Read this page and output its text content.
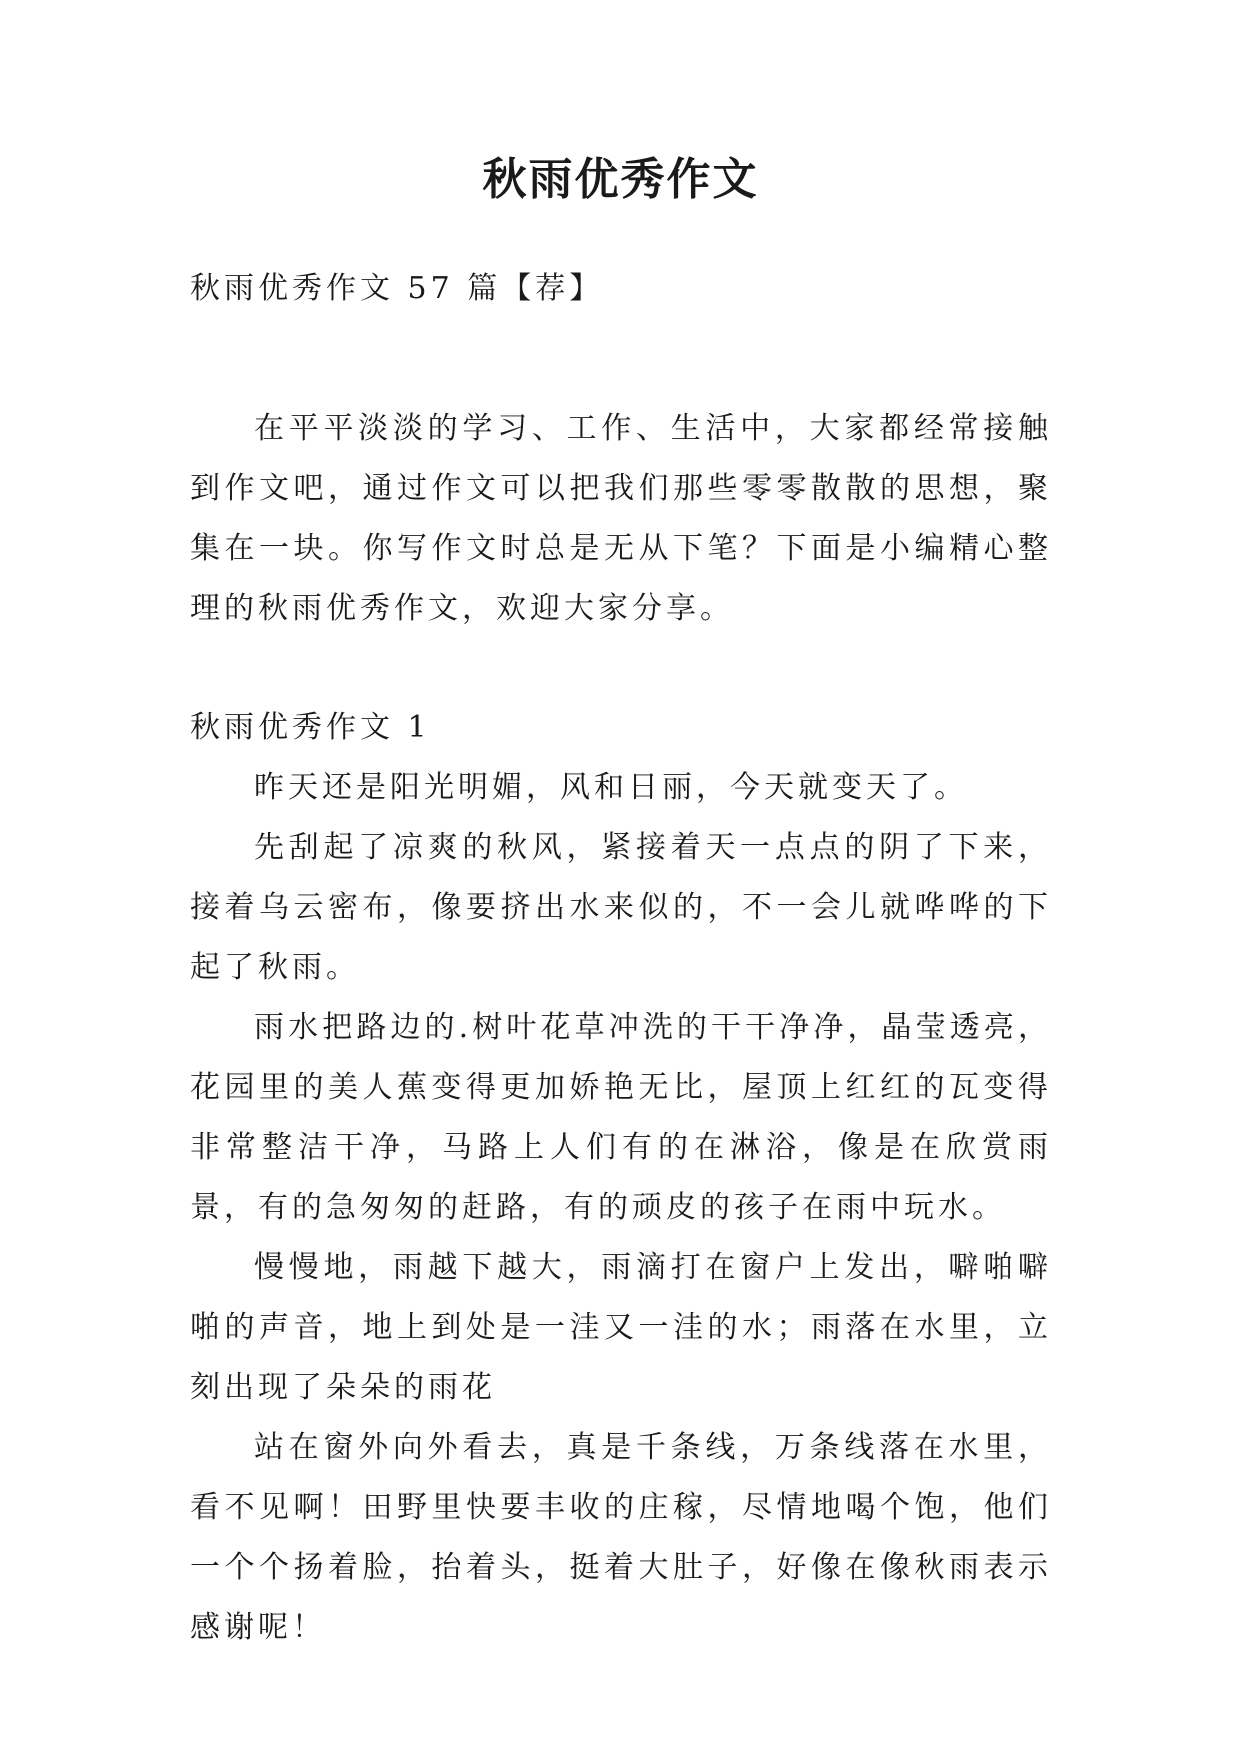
秋雨优秀作文
秋雨优秀作文 57 篇【荐】
在平平淡淡的学习、工作、生活中，大家都经常接触到作文吧，通过作文可以把我们那些零零散散的思想，聚集在一块。你写作文时总是无从下笔？下面是小编精心整理的秋雨优秀作文，欢迎大家分享。

秋雨优秀作文 1

昨天还是阳光明媚，风和日丽，今天就变天了。

先刮起了凉爽的秋风，紧接着天一点点的阴了下来，接着乌云密布，像要挤出水来似的，不一会儿就哗哗的下起了秋雨。

雨水把路边的.树叶花草冲洗的干干净净，晶莹透亮，花园里的美人蕉变得更加娇艳无比，屋顶上红红的瓦变得非常整洁干净，马路上人们有的在淋浴，像是在欣赏雨景，有的急匆匆的赶路，有的顽皮的孩子在雨中玩水。

慢慢地，雨越下越大，雨滴打在窗户上发出，噼啪噼啪的声音，地上到处是一洼又一洼的水；雨落在水里，立刻出现了朵朵的雨花

站在窗外向外看去，真是千条线，万条线落在水里，看不见啊！田野里快要丰收的庄稼，尽情地喝个饱，他们一个个扬着脸，抬着头，挺着大肚子，好像在像秋雨表示感谢呢！
